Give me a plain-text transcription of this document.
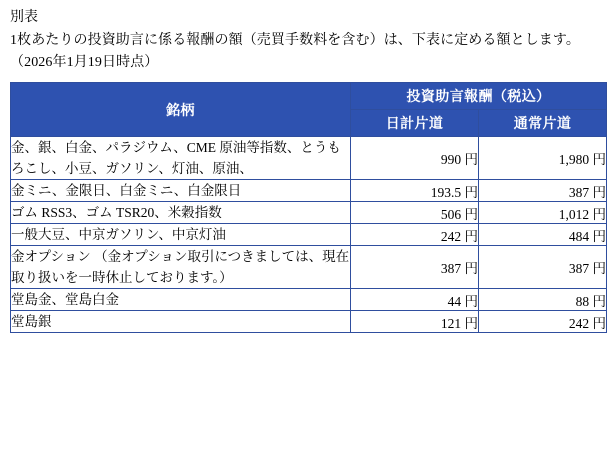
別表
1枚あたりの投資助言に係る報酬の額（売買手数料を含む）は、下表に定める額とします。（2026年1月19日時点）
銘柄	投資助言報酬（税込）	
	日計片道	通常片道
金、銀、白金、パラジウム、CME 原油等指数、とうもろこし、小豆、ガソリン、灯油、原油、	990 円	1,980 円
金ミニ、金限日、白金ミニ、白金限日	193.5 円	387 円
ゴム RSS3、ゴム TSR20、米穀指数	506 円	1,012 円
一般大豆、中京ガソリン、中京灯油	242 円	484 円
金オプション （金オプション取引につきましては、現在取り扱いを一時休止しております。）	387 円	387 円
堂島金、堂島白金	44 円	88 円
堂島銀	121 円	242 円
